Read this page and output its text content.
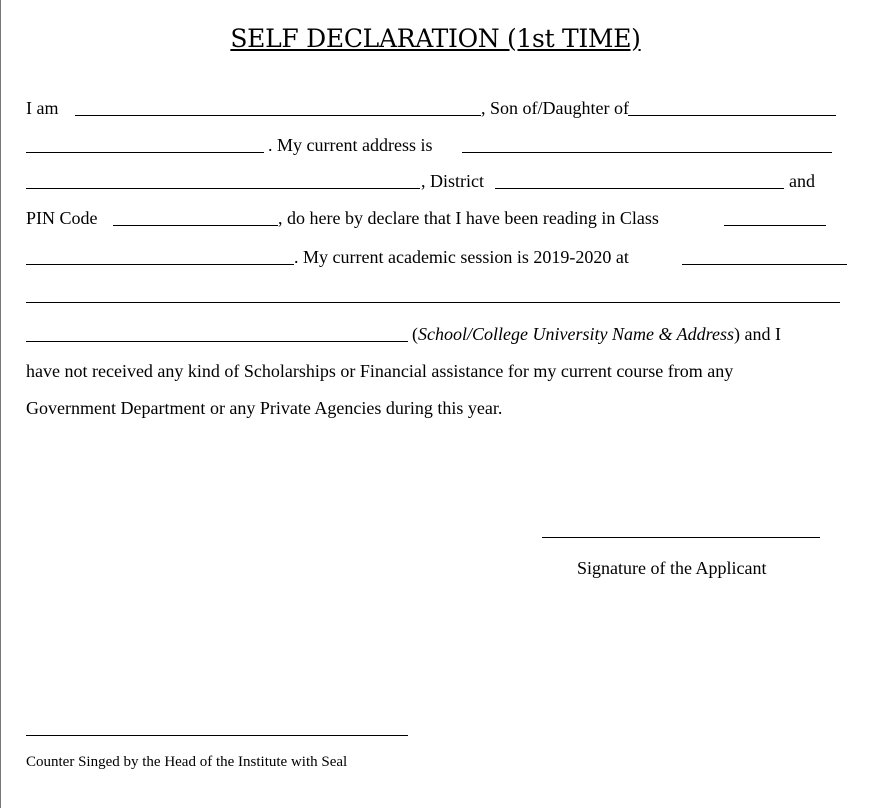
SELF DECLARATION (1st TIME)
I am	, Son of/Daughter of
. My current address is
, District	and
PIN Code	, do here by declare that I have been reading in Class
. My current academic session is 2019-2020 at
(School/College University Name & Address) and I
have not received any kind of Scholarships or Financial assistance for my current course from any
Government Department or any Private Agencies during this year.
Signature of the Applicant
Counter Singed by the Head of the Institute with Seal
